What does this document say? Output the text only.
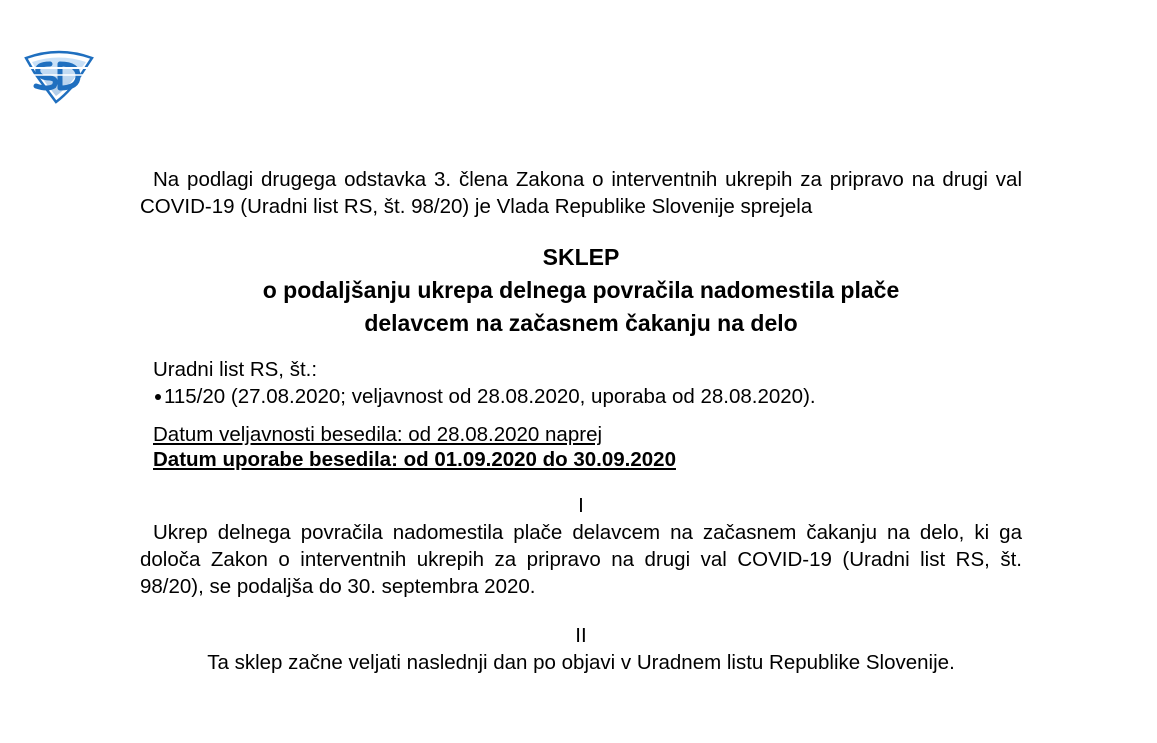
Na podlagi drugega odstavka 3. člena Zakona o interventnih ukrepih za pripravo na drugi val COVID-19 (Uradni list RS, št. 98/20) je Vlada Republike Slovenije sprejela

SKLEP
o podaljšanju ukrepa delnega povračila nadomestila plače
delavcem na začasnem čakanju na delo
Uradni list RS, št.:
115/20 (27.08.2020; veljavnost od 28.08.2020, uporaba od 28.08.2020).
Datum veljavnosti besedila: od 28.08.2020 naprej
Datum uporabe besedila: od 01.09.2020 do 30.09.2020
I

Ukrep delnega povračila nadomestila plače delavcem na začasnem čakanju na delo, ki ga določa Zakon o interventnih ukrepih za pripravo na drugi val COVID-19 (Uradni list RS, št. 98/20), se podaljša do 30. septembra 2020.

II

Ta sklep začne veljati naslednji dan po objavi v Uradnem listu Republike Slovenije.
